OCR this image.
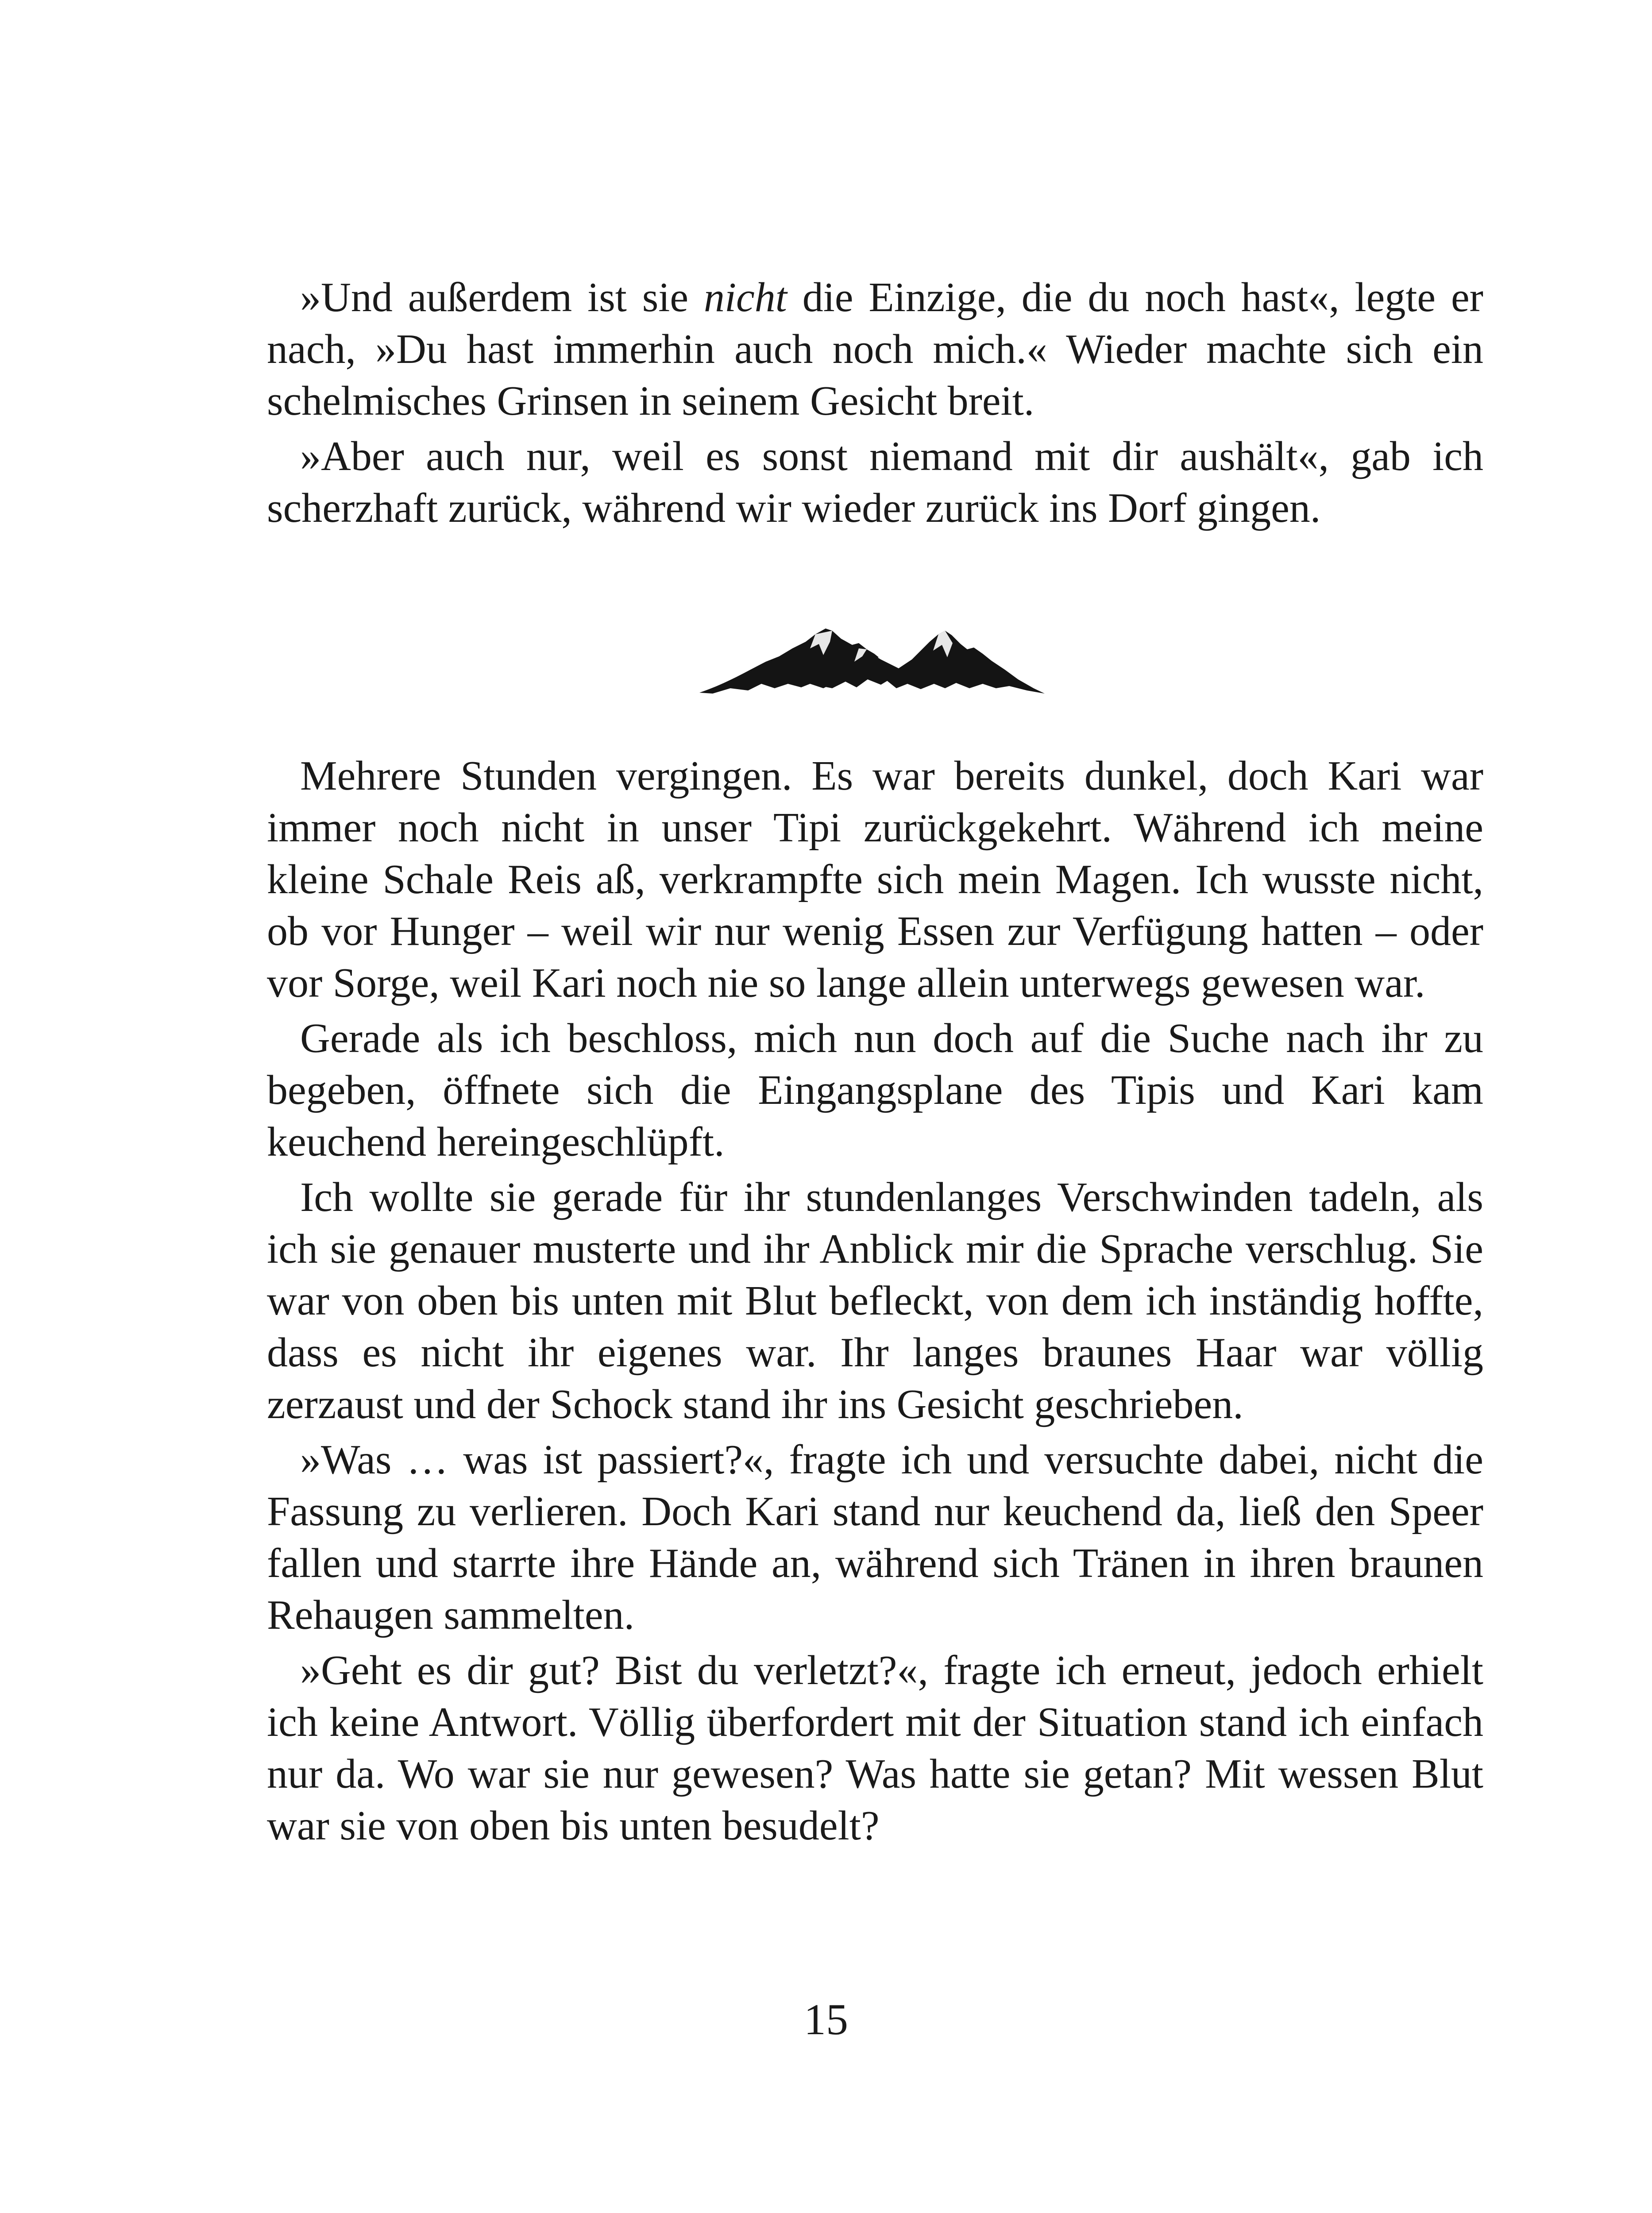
»Und außerdem ist sie nicht die Einzige, die du noch hast«, legte er nach, »Du hast immerhin auch noch mich.« Wieder machte sich ein schelmisches Grinsen in seinem Gesicht breit.

»Aber auch nur, weil es sonst niemand mit dir aushält«, gab ich scherzhaft zurück, während wir wieder zurück ins Dorf gingen.

Mehrere Stunden vergingen. Es war bereits dunkel, doch Kari war immer noch nicht in unser Tipi zurückgekehrt. Während ich meine kleine Schale Reis aß, verkrampfte sich mein Magen. Ich wusste nicht, ob vor Hunger – weil wir nur wenig Essen zur Verfügung hatten – oder vor Sorge, weil Kari noch nie so lange allein unterwegs gewesen war.

Gerade als ich beschloss, mich nun doch auf die Suche nach ihr zu begeben, öffnete sich die Eingangsplane des Tipis und Kari kam keuchend hereingeschlüpft.

Ich wollte sie gerade für ihr stundenlanges Verschwinden tadeln, als ich sie genauer musterte und ihr Anblick mir die Sprache verschlug. Sie war von oben bis unten mit Blut befleckt, von dem ich inständig hoffte, dass es nicht ihr eigenes war. Ihr langes braunes Haar war völlig zerzaust und der Schock stand ihr ins Gesicht geschrieben.

»Was … was ist passiert?«, fragte ich und versuchte dabei, nicht die Fassung zu verlieren. Doch Kari stand nur keuchend da, ließ den Speer fallen und starrte ihre Hände an, während sich Tränen in ihren braunen Rehaugen sammelten.

»Geht es dir gut? Bist du verletzt?«, fragte ich erneut, jedoch erhielt ich keine Antwort. Völlig überfordert mit der Situation stand ich einfach nur da. Wo war sie nur gewesen? Was hatte sie getan? Mit wessen Blut war sie von oben bis unten besudelt?

15
